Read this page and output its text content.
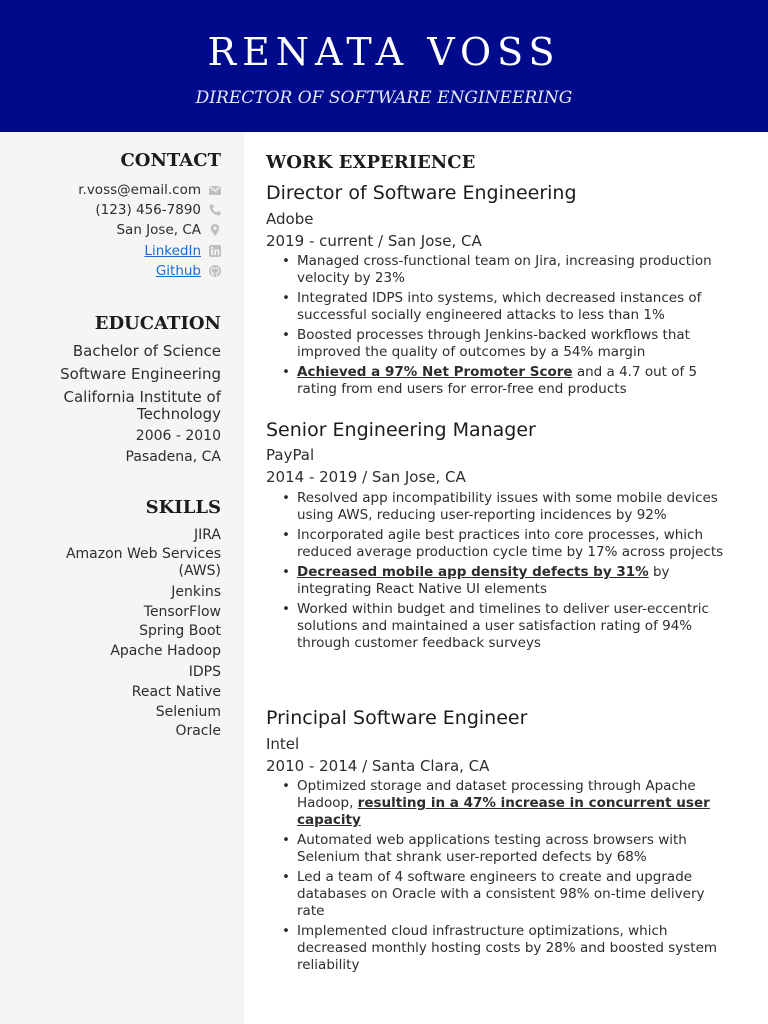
RENATA VOSS
DIRECTOR OF SOFTWARE ENGINEERING
CONTACT
r.voss@email.com
(123) 456-7890
San Jose, CA
LinkedIn
Github
EDUCATION
Bachelor of Science
Software Engineering
California Institute of
Technology
2006 - 2010
Pasadena, CA
SKILLS
JIRA
Amazon Web Services
(AWS)
Jenkins
TensorFlow
Spring Boot
Apache Hadoop
IDPS
React Native
Selenium
Oracle
WORK EXPERIENCE
Director of Software Engineering
Adobe
2019 - current / San Jose, CA
• Managed cross-functional team on Jira, increasing production velocity by 23%
• Integrated IDPS into systems, which decreased instances of successful socially engineered attacks to less than 1%
• Boosted processes through Jenkins-backed workflows that improved the quality of outcomes by a 54% margin
• Achieved a 97% Net Promoter Score and a 4.7 out of 5 rating from end users for error-free end products
Senior Engineering Manager
PayPal
2014 - 2019 / San Jose, CA
• Resolved app incompatibility issues with some mobile devices using AWS, reducing user-reporting incidences by 92%
• Incorporated agile best practices into core processes, which reduced average production cycle time by 17% across projects
• Decreased mobile app density defects by 31% by integrating React Native UI elements
• Worked within budget and timelines to deliver user-eccentric solutions and maintained a user satisfaction rating of 94% through customer feedback surveys
Principal Software Engineer
Intel
2010 - 2014 / Santa Clara, CA
• Optimized storage and dataset processing through Apache Hadoop, resulting in a 47% increase in concurrent user capacity
• Automated web applications testing across browsers with Selenium that shrank user-reported defects by 68%
• Led a team of 4 software engineers to create and upgrade databases on Oracle with a consistent 98% on-time delivery rate
• Implemented cloud infrastructure optimizations, which decreased monthly hosting costs by 28% and boosted system reliability
